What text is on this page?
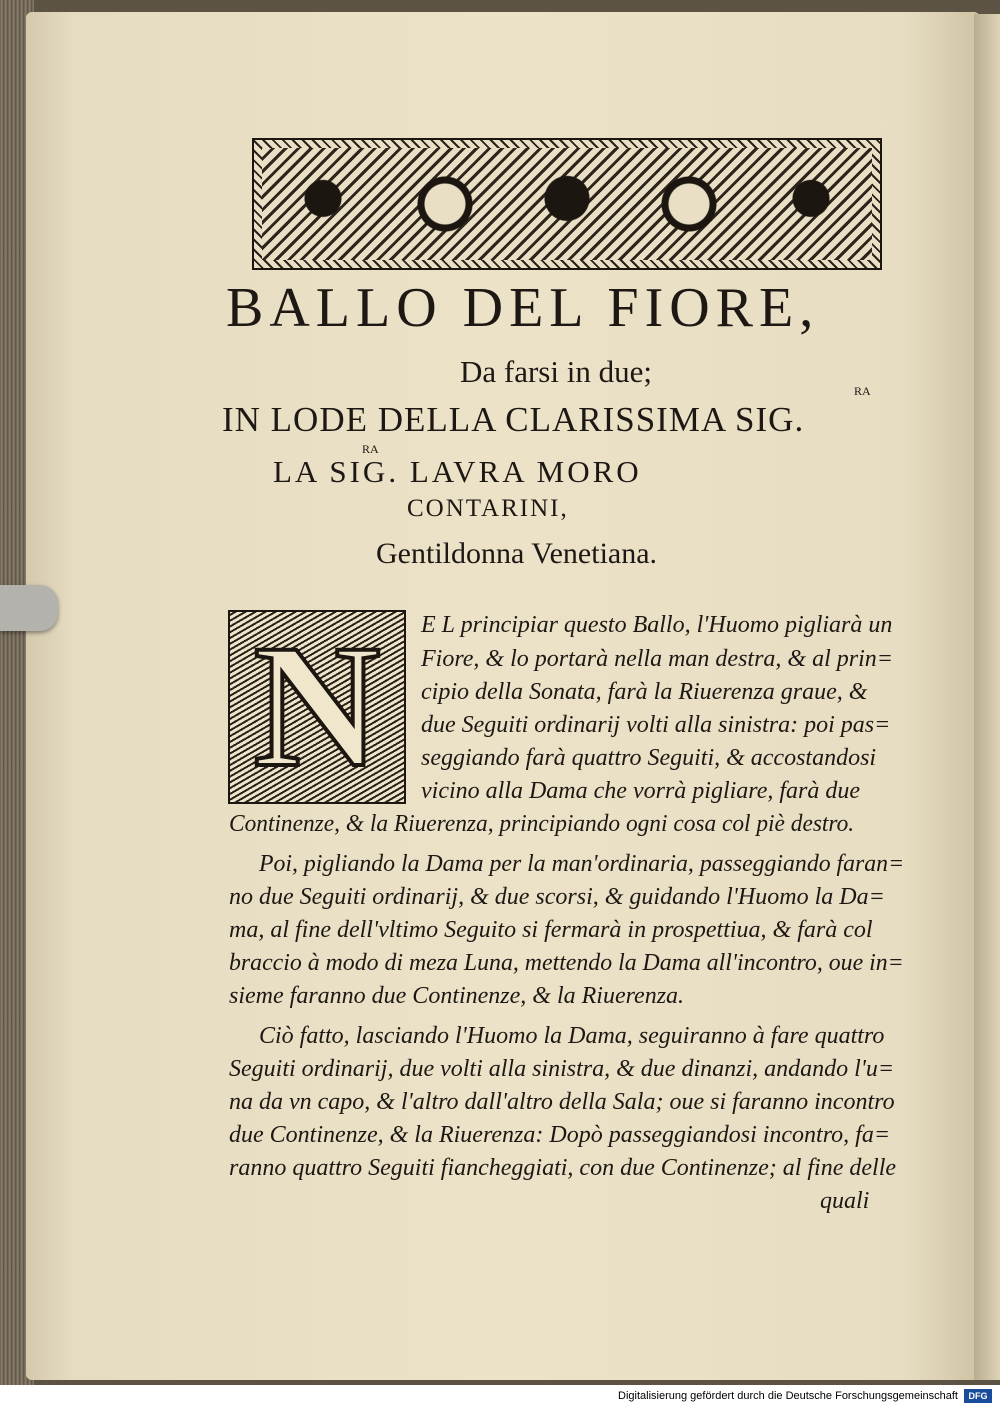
BALLO DEL FIORE,
Da farsi in due;
IN LODE DELLA CLARISSIMA SIG.
RA
LA SIG. LAVRA MORO
RA
CONTARINI,
Gentildonna Venetiana.
N	E L principiar questo Ballo, l'Huomo pigliarà un
Fiore, & lo portarà nella man destra, & al prin=
cipio della Sonata, farà la Riuerenza graue, &
due Seguiti ordinarij volti alla sinistra: poi pas=
seggiando farà quattro Seguiti, & accostandosi
vicino alla Dama che vorrà pigliare, farà due
Continenze, & la Riuerenza, principiando ogni cosa col piè destro.
Poi, pigliando la Dama per la man'ordinaria, passeggiando faran=
no due Seguiti ordinarij, & due scorsi, & guidando l'Huomo la Da=
ma, al fine dell'vltimo Seguito si fermarà in prospettiua, & farà col
braccio à modo di meza Luna, mettendo la Dama all'incontro, oue in=
sieme faranno due Continenze, & la Riuerenza.
Ciò fatto, lasciando l'Huomo la Dama, seguiranno à fare quattro
Seguiti ordinarij, due volti alla sinistra, & due dinanzi, andando l'u=
na da vn capo, & l'altro dall'altro della Sala; oue si faranno incontro
due Continenze, & la Riuerenza: Dopò passeggiandosi incontro, fa=
ranno quattro Seguiti fiancheggiati, con due Continenze; al fine delle
quali
Digitalisierung gefördert durch die Deutsche Forschungsgemeinschaft	DFG
